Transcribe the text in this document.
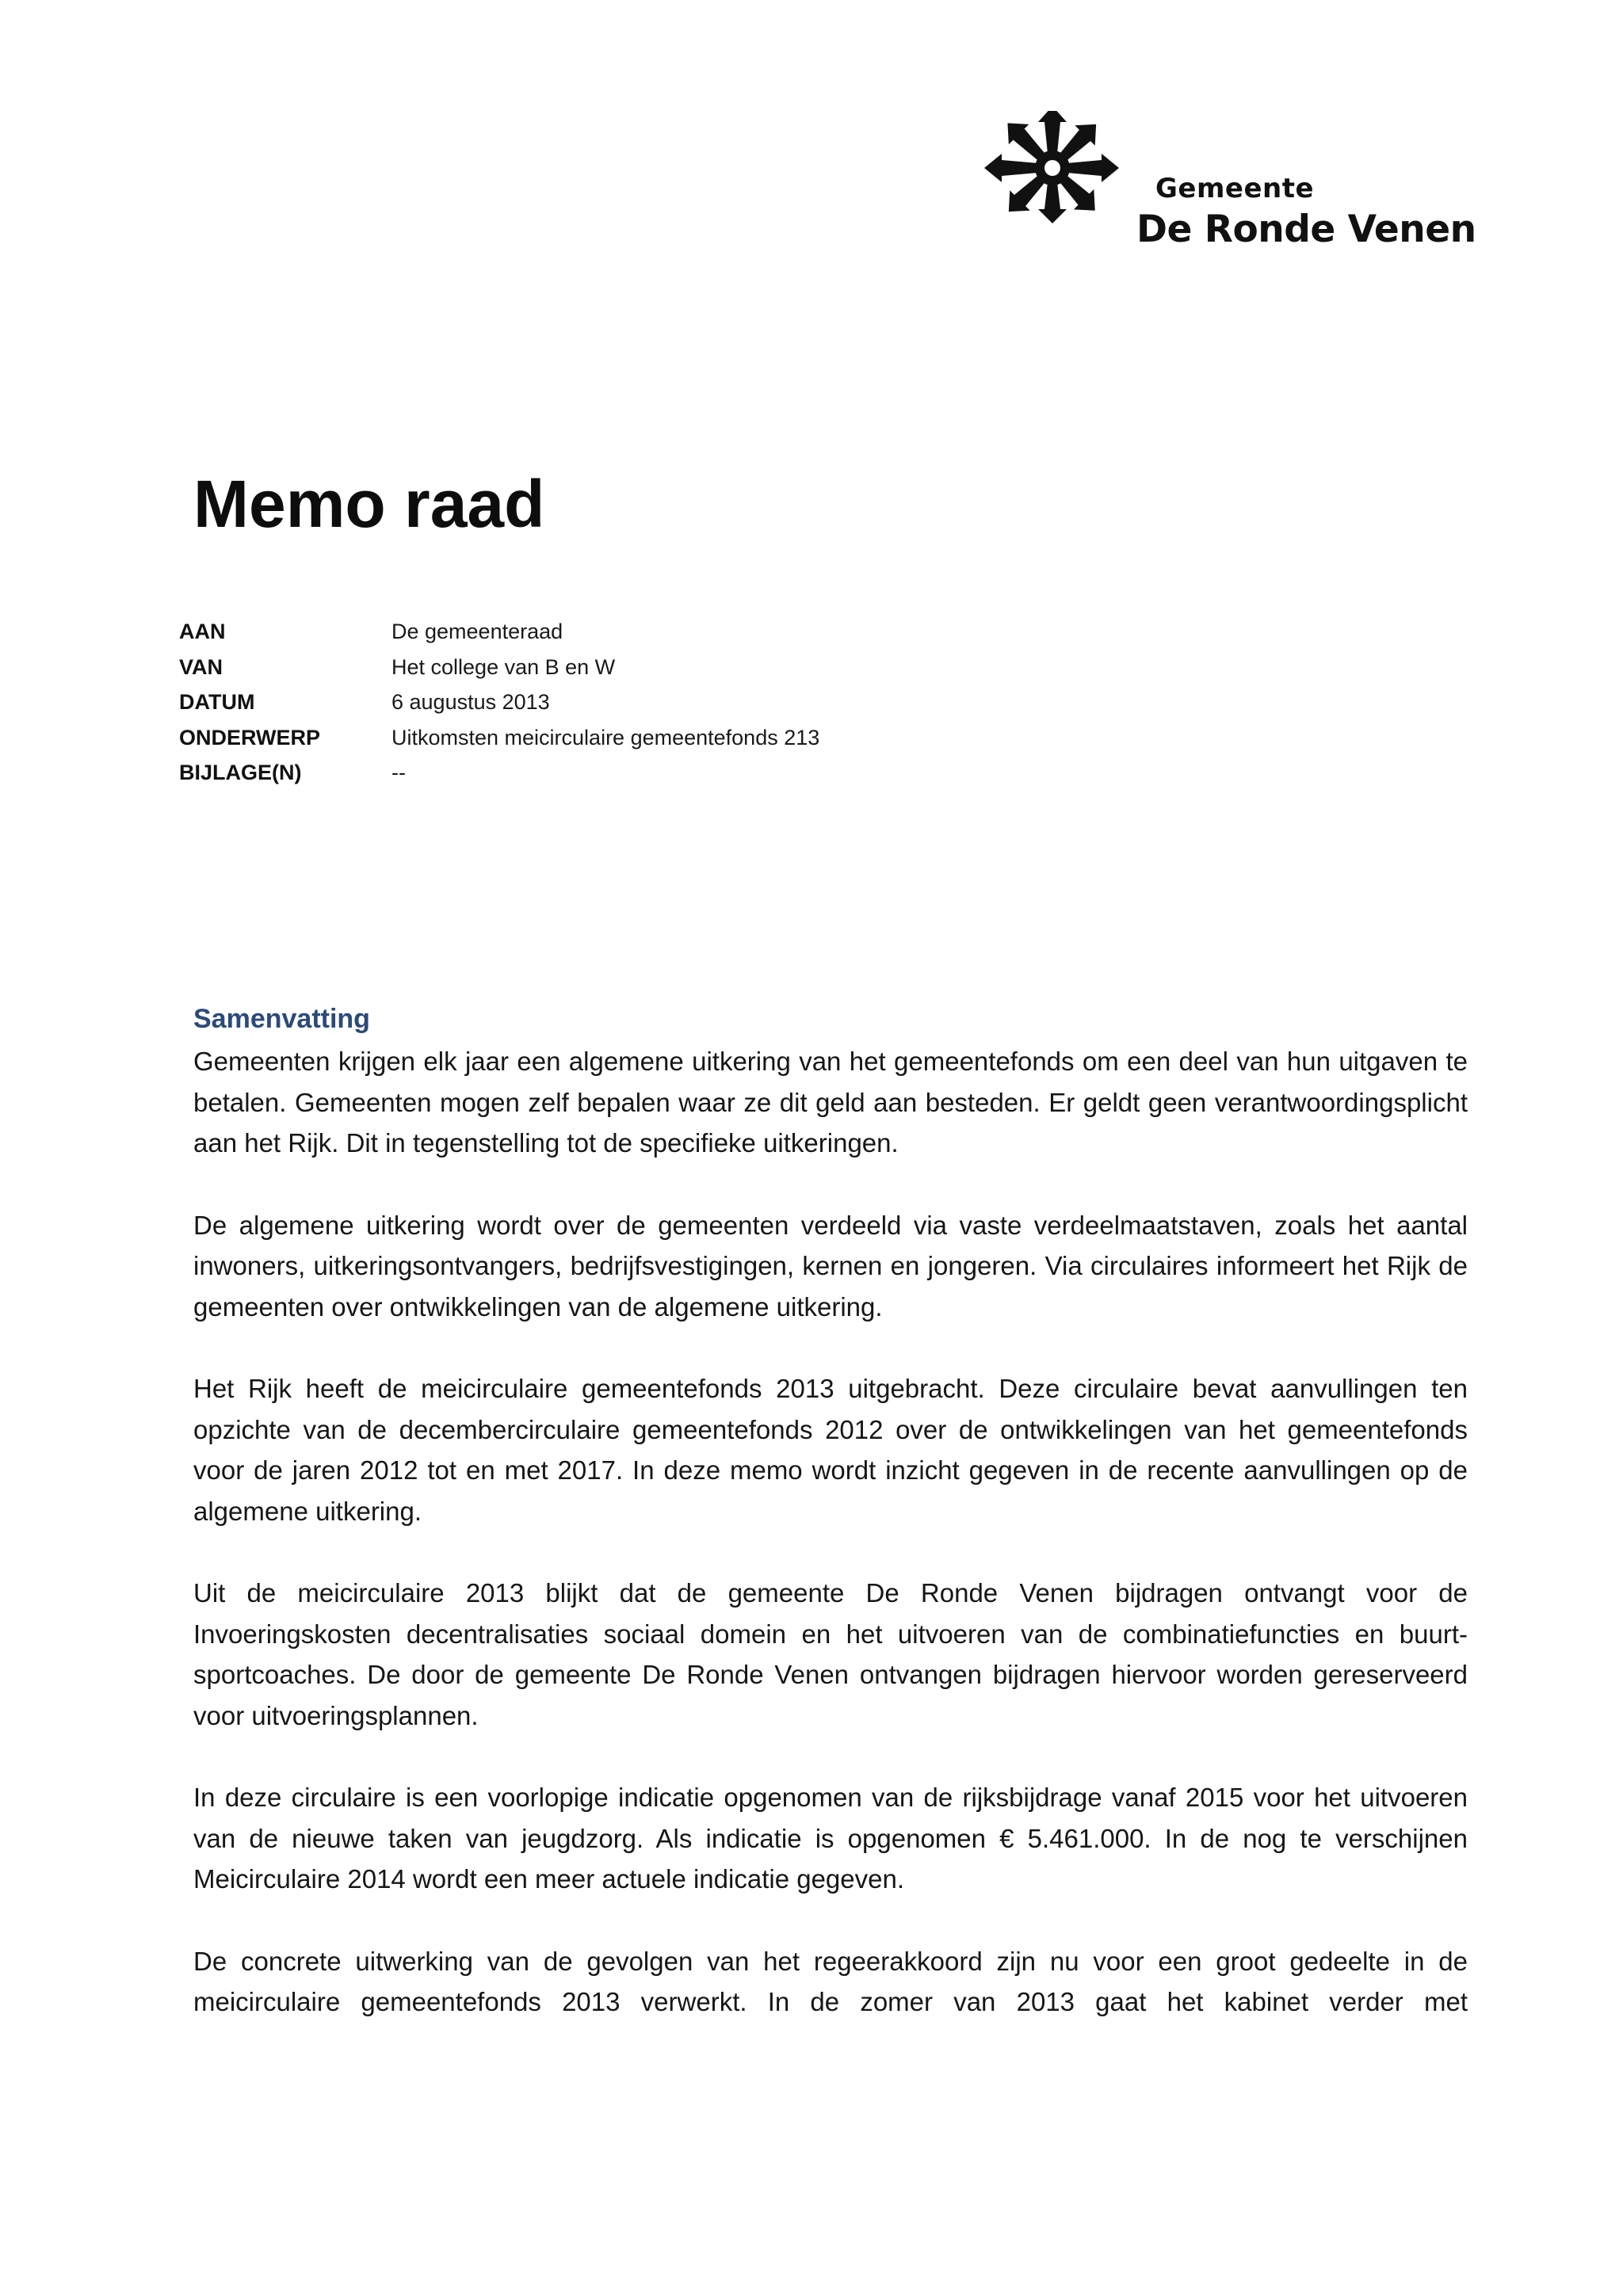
Gemeente
De Ronde Venen
Memo raad
AAN	De gemeenteraad
VAN	Het college van B en W
DATUM	6 augustus 2013
ONDERWERP	Uitkomsten meicirculaire gemeentefonds 213
BIJLAGE(N)	--
Samenvatting

Gemeenten krijgen elk jaar een algemene uitkering van het gemeentefonds om een deel van hun uitgaven te betalen. Gemeenten mogen zelf bepalen waar ze dit geld aan besteden. Er geldt geen verantwoordingsplicht aan het Rijk. Dit in tegenstelling tot de specifieke uitkeringen.

De algemene uitkering wordt over de gemeenten verdeeld via vaste verdeelmaatstaven, zoals het aantal inwoners, uitkeringsontvangers, bedrijfsvestigingen, kernen en jongeren. Via circulaires informeert het Rijk de gemeenten over ontwikkelingen van de algemene uitkering.

Het Rijk heeft de meicirculaire gemeentefonds 2013 uitgebracht. Deze circulaire bevat aanvullingen ten opzichte van de decembercirculaire gemeentefonds 2012 over de ontwikkelingen van het gemeentefonds voor de jaren 2012 tot en met 2017. In deze memo wordt inzicht gegeven in de recente aanvullingen op de algemene uitkering.

Uit de meicirculaire 2013 blijkt dat de gemeente De Ronde Venen bijdragen ontvangt voor de Invoeringskosten decentralisaties sociaal domein en het uitvoeren van de combinatiefuncties en buurt-sportcoaches. De door de gemeente De Ronde Venen ontvangen bijdragen hiervoor worden gereserveerd voor uitvoeringsplannen.

In deze circulaire is een voorlopige indicatie opgenomen van de rijksbijdrage vanaf 2015 voor het uitvoeren van de nieuwe taken van jeugdzorg. Als indicatie is opgenomen € 5.461.000. In de nog te verschijnen Meicirculaire 2014 wordt een meer actuele indicatie gegeven.

De concrete uitwerking van de gevolgen van het regeerakkoord zijn nu voor een groot gedeelte in de meicirculaire gemeentefonds 2013 verwerkt. In de zomer van 2013 gaat het kabinet verder met
